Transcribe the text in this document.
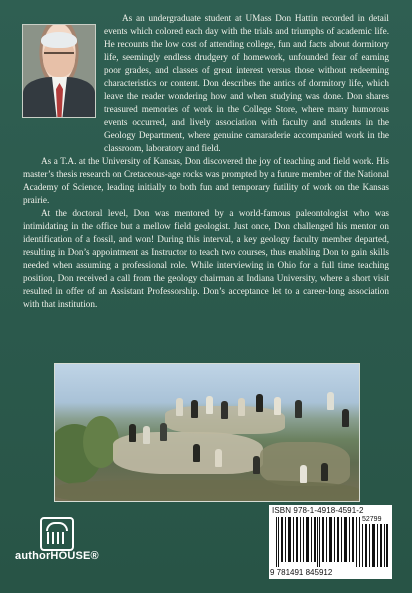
As an undergraduate student at UMass Don Hattin recorded in detail events which colored each day with the trials and triumphs of academic life. He recounts the low cost of attending college, fun and facts about dormitory life, seemingly endless drudgery of homework, unfounded fear of earning poor grades, and classes of great interest versus those without redeeming characteristics or content. Don describes the antics of dormitory life, which leave the reader wondering how and when studying was done. Don shares treasured memories of work in the College Store, where many humorous events occurred, and lively association with faculty and students in the Geology Department, where genuine camaraderie accompanied work in the classroom, laboratory and field.

As a T.A. at the University of Kansas, Don discovered the joy of teaching and field work. His master’s thesis research on Cretaceous-age rocks was prompted by a future member of the National Academy of Science, leading initially to both fun and temporary futility of work on the Kansas prairie.

At the doctoral level, Don was mentored by a world-famous paleontologist who was intimidating in the office but a mellow field geologist. Just once, Don challenged his mentor on identification of a fossil, and won! During this interval, a key geology faculty member departed, resulting in Don’s appointment as Instructor to teach two courses, thus enabling Don to gain skills needed when assuming a professional role. While interviewing in Ohio for a full time teaching position, Don received a call from the geology chairman at Indiana University, where a short visit resulted in offer of an Assistant Professorship. Don’s acceptance let to a career-long association with that institution.

authorHOUSE®
ISBN 978-1-4918-4591-2
52799
9 781491 845912
